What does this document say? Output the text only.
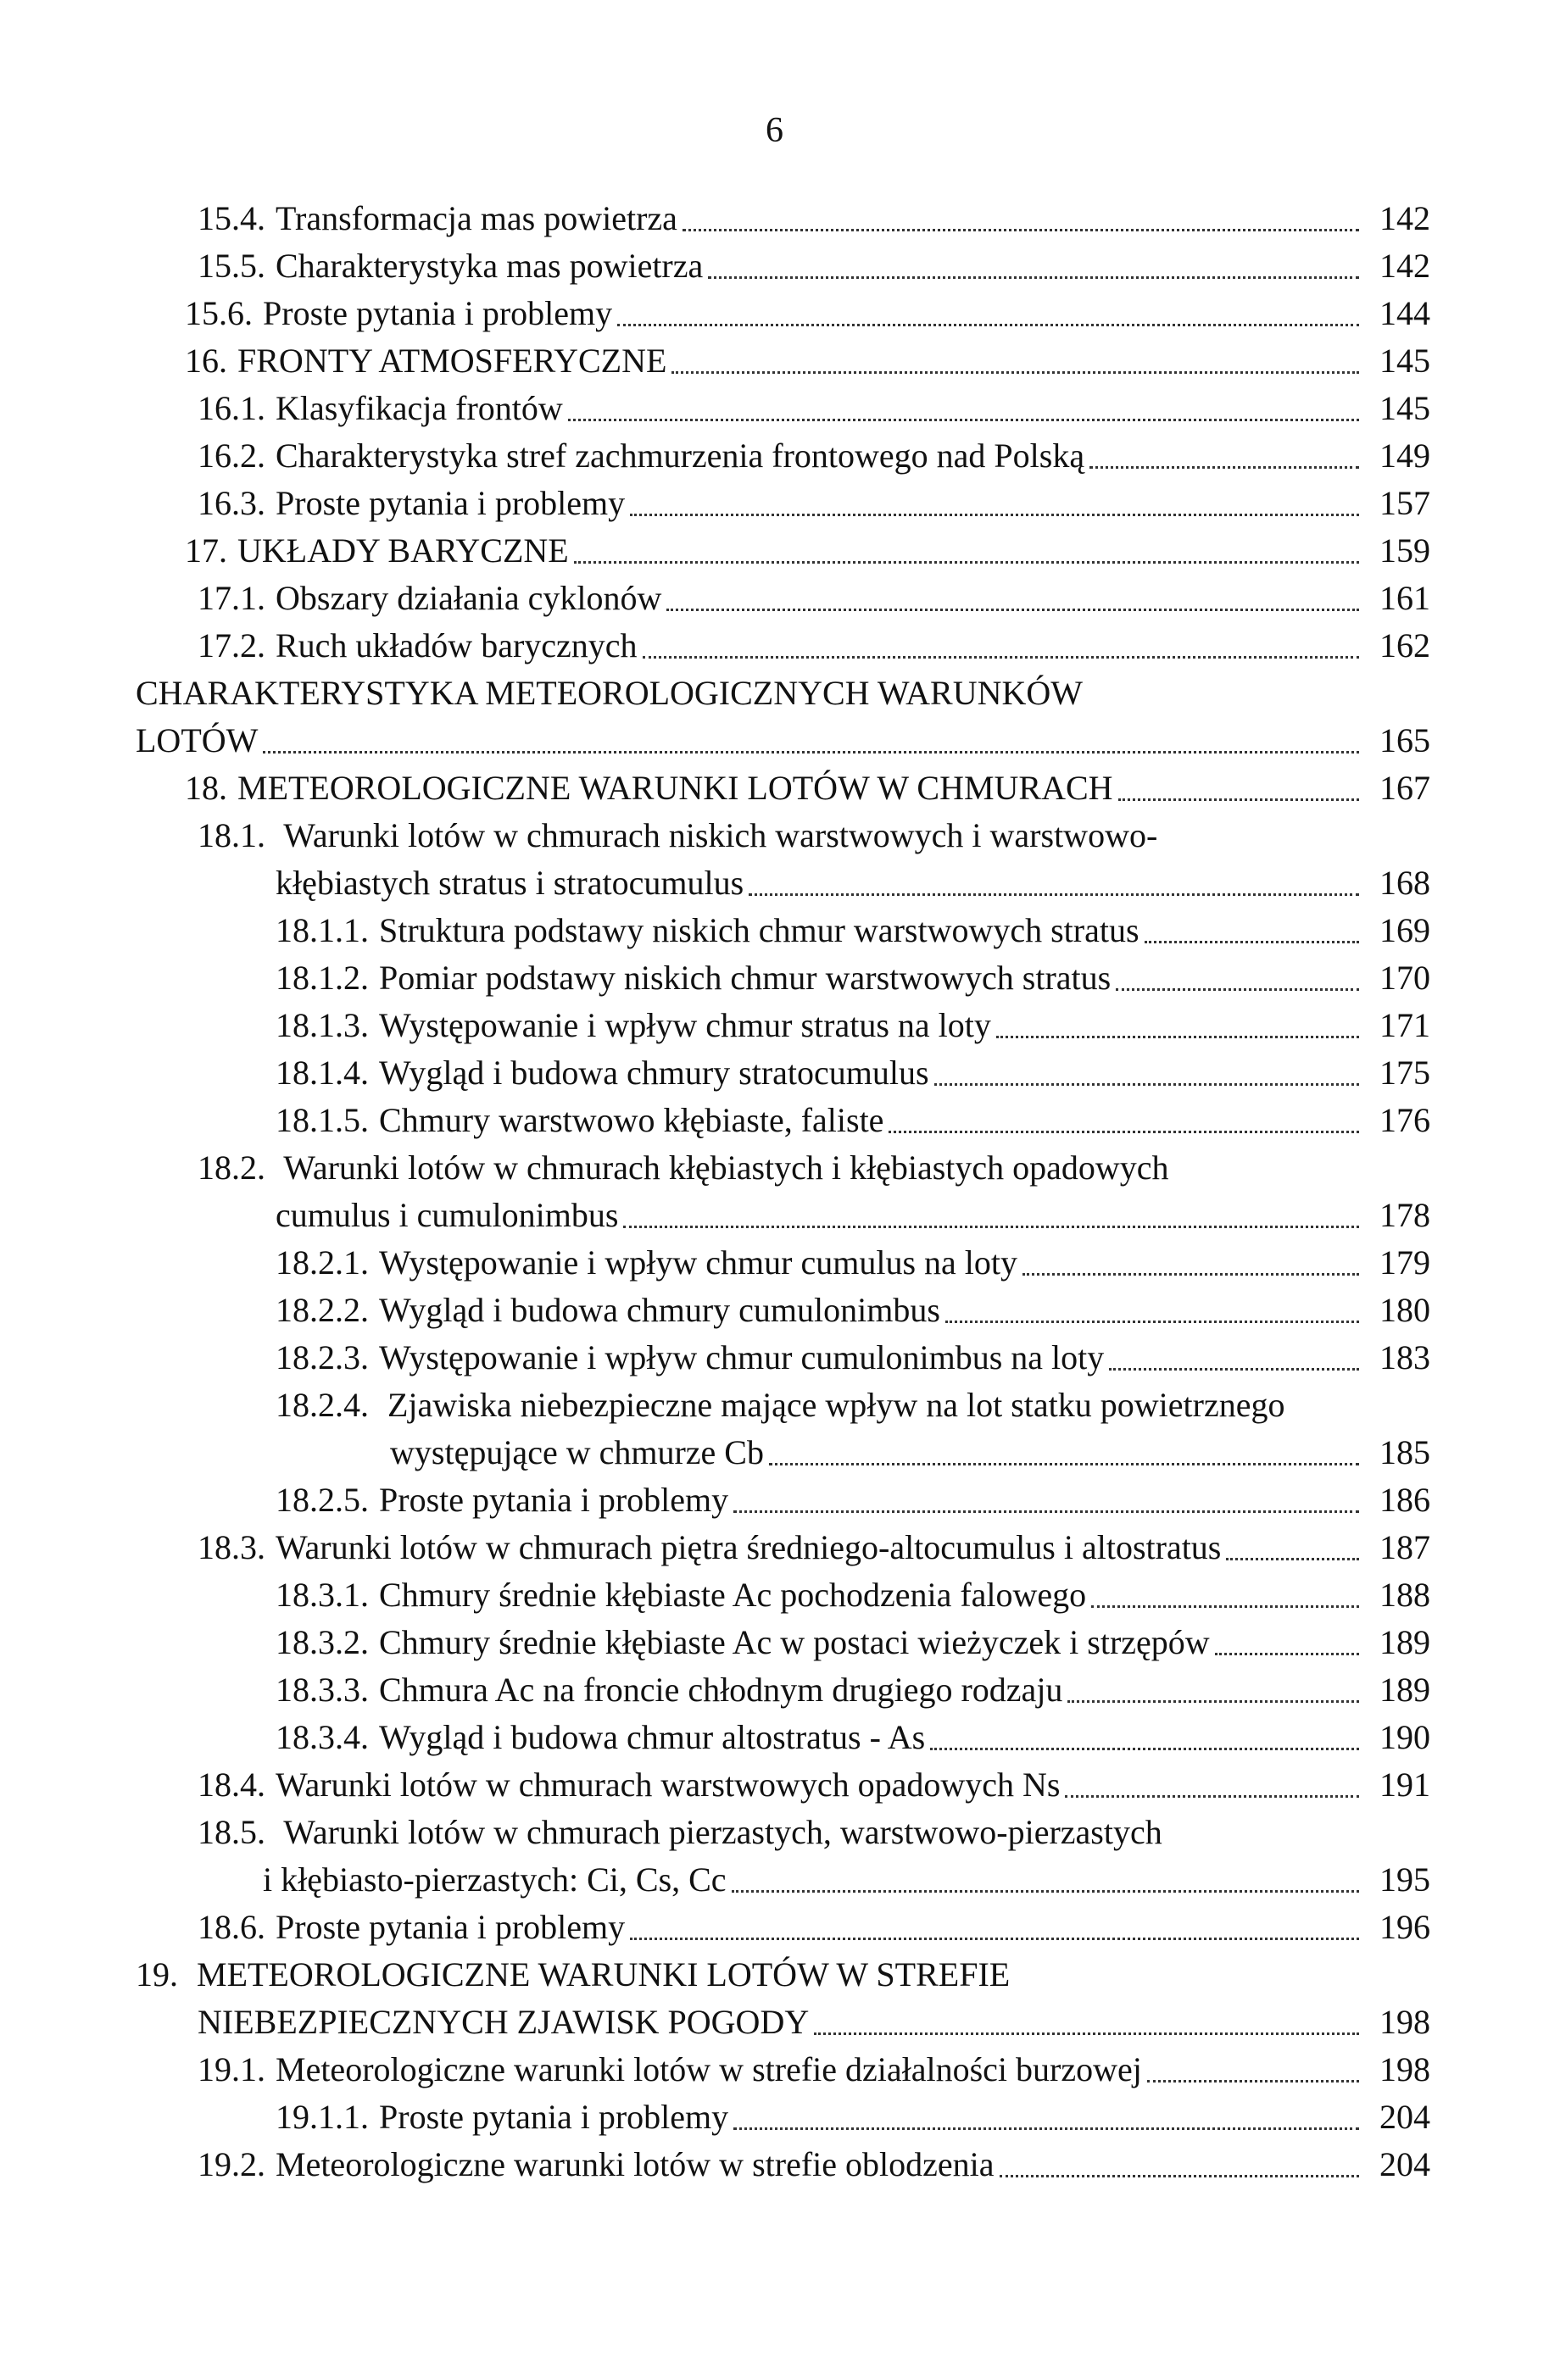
6
15.4. Transformacja mas powietrza	142
15.5. Charakterystyka mas powietrza	142
15.6. Proste pytania i problemy	144
16. FRONTY ATMOSFERYCZNE	145
16.1. Klasyfikacja frontów	145
16.2. Charakterystyka stref zachmurzenia frontowego nad Polską	149
16.3. Proste pytania i problemy	157
17. UKŁADY BARYCZNE	159
17.1. Obszary działania cyklonów	161
17.2. Ruch układów barycznych	162
CHARAKTERYSTYKA METEOROLOGICZNYCH WARUNKÓW
LOTÓW	165
18. METEOROLOGICZNE WARUNKI LOTÓW W CHMURACH	167
18.1. Warunki lotów w chmurach niskich warstwowych i warstwowo-
kłębiastych stratus i stratocumulus	168
18.1.1. Struktura podstawy niskich chmur warstwowych stratus	169
18.1.2. Pomiar podstawy niskich chmur warstwowych stratus	170
18.1.3. Występowanie i wpływ chmur stratus na loty	171
18.1.4. Wygląd i budowa chmury stratocumulus	175
18.1.5. Chmury warstwowo kłębiaste, faliste	176
18.2. Warunki lotów w chmurach kłębiastych i kłębiastych opadowych
cumulus i cumulonimbus	178
18.2.1. Występowanie i wpływ chmur cumulus na loty	179
18.2.2. Wygląd i budowa chmury cumulonimbus	180
18.2.3. Występowanie i wpływ chmur cumulonimbus na loty	183
18.2.4. Zjawiska niebezpieczne mające wpływ na lot statku powietrznego
występujące w chmurze Cb	185
18.2.5. Proste pytania i problemy	186
18.3. Warunki lotów w chmurach piętra średniego-altocumulus i altostratus	187
18.3.1. Chmury średnie kłębiaste Ac pochodzenia falowego	188
18.3.2. Chmury średnie kłębiaste Ac w postaci wieżyczek i strzępów	189
18.3.3. Chmura Ac na froncie chłodnym drugiego rodzaju	189
18.3.4. Wygląd i budowa chmur altostratus - As	190
18.4. Warunki lotów w chmurach warstwowych opadowych Ns	191
18.5. Warunki lotów w chmurach pierzastych, warstwowo-pierzastych
i kłębiasto-pierzastych: Ci, Cs, Cc	195
18.6. Proste pytania i problemy	196
19. METEOROLOGICZNE WARUNKI LOTÓW W STREFIE
NIEBEZPIECZNYCH ZJAWISK POGODY	198
19.1. Meteorologiczne warunki lotów w strefie działalności burzowej	198
19.1.1. Proste pytania i problemy	204
19.2. Meteorologiczne warunki lotów w strefie oblodzenia	204
